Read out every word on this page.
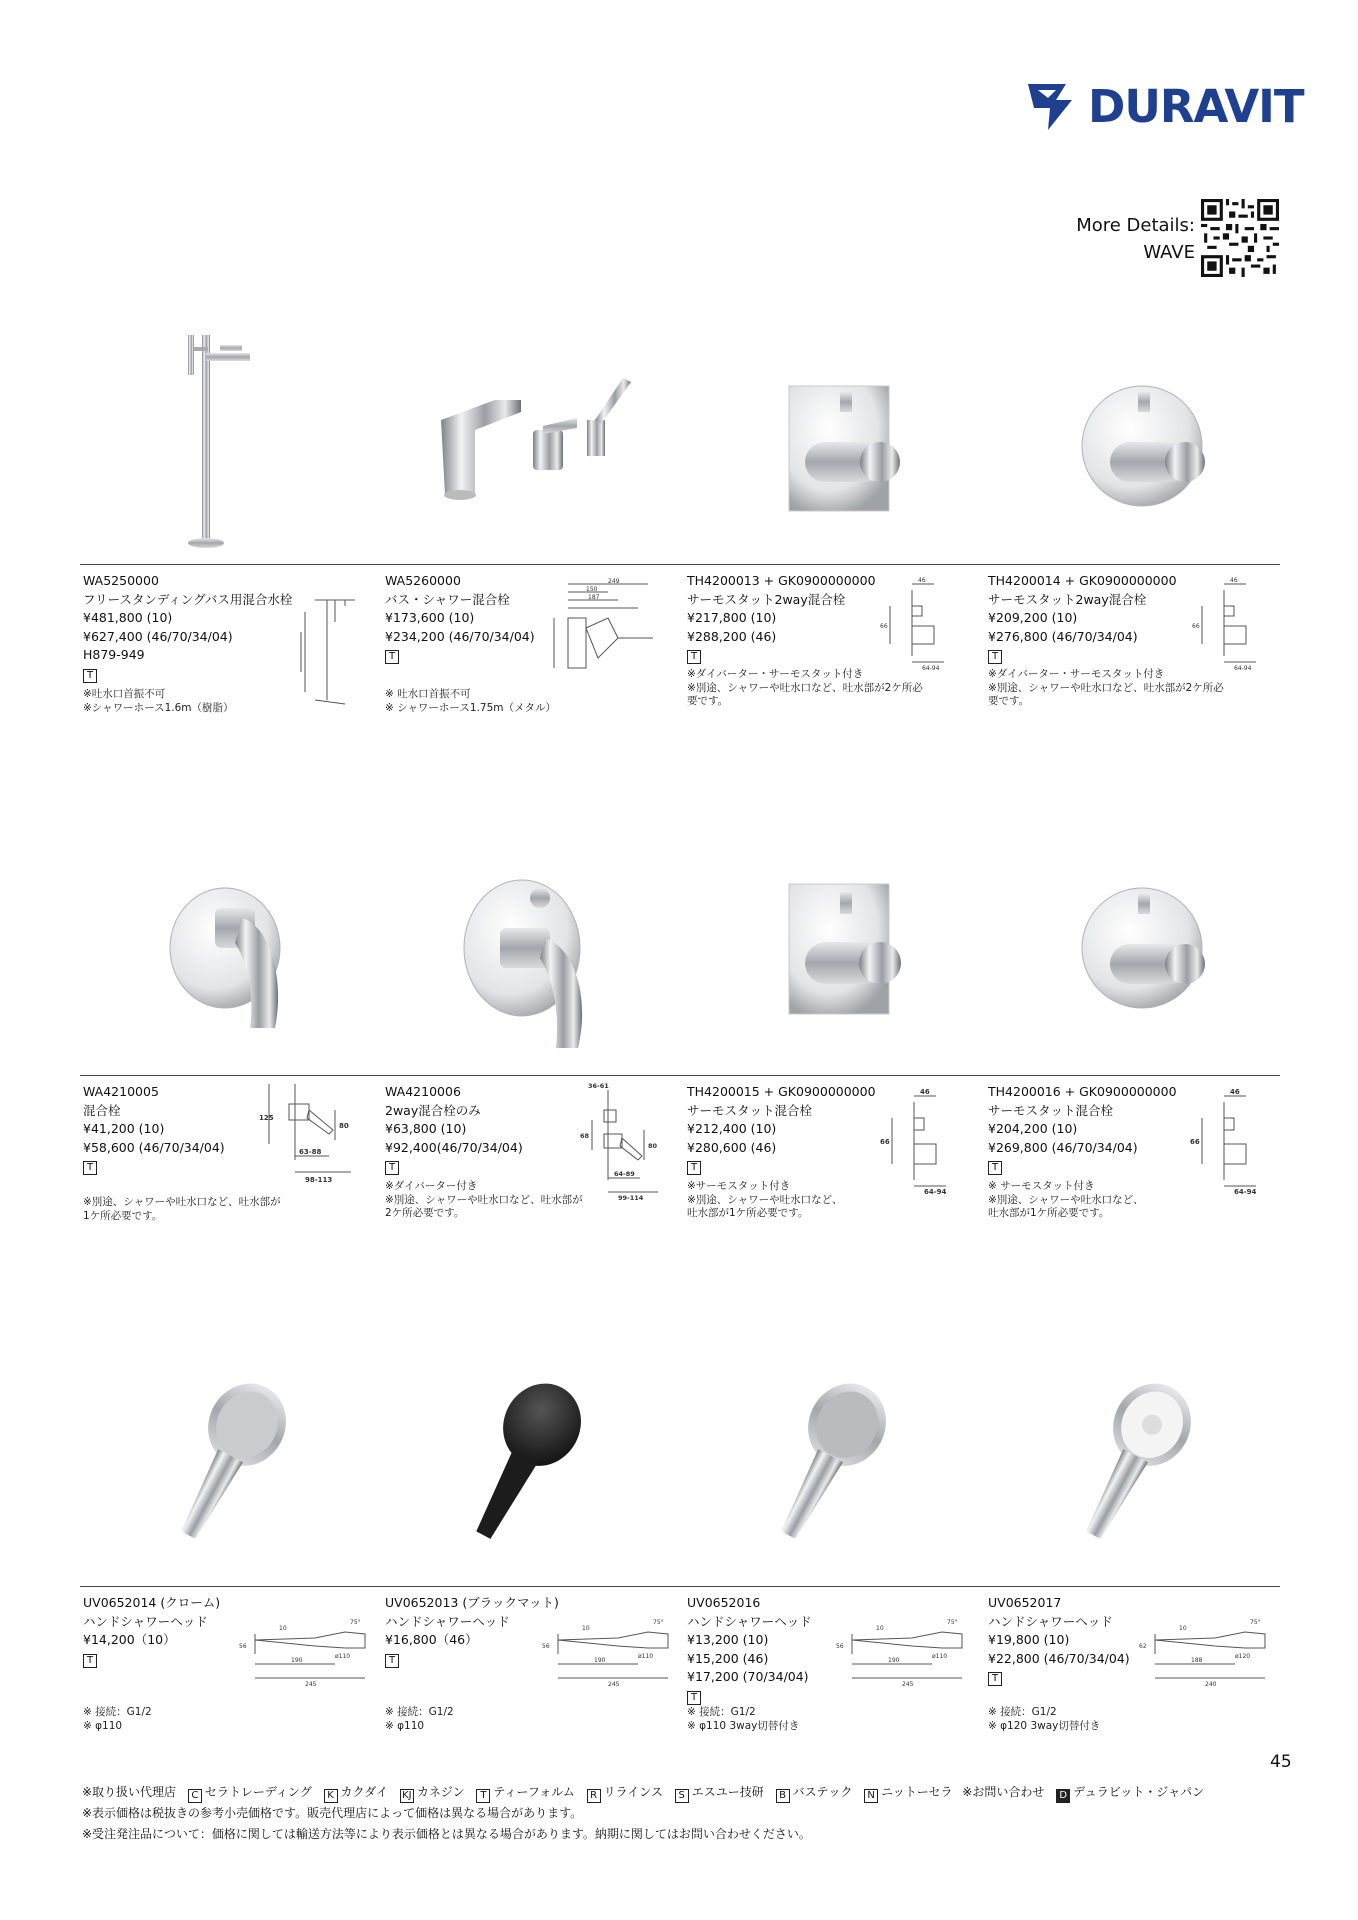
DURAVIT
More Details:
WAVE
WA5250000
フリースタンディングバス用混合水栓
¥481,800 (10)
¥627,400 (46/70/34/04)
H879-949
T
※吐水口首振不可
※シャワーホース1.6m（樹脂）
WA5260000
バス・シャワー混合栓
¥173,600 (10)
¥234,200 (46/70/34/04)
T
※ 吐水口首振不可
※ シャワーホース1.75m（メタル）
249
150
187
TH4200013 + GK0900000000
サーモスタット2way混合栓
¥217,800 (10)
¥288,200 (46)
T
※ダイバーター・サーモスタット付き
※別途、シャワーや吐水口など、吐水部が2ケ所必
要です。
46
66
64-94
TH4200014 + GK0900000000
サーモスタット2way混合栓
¥209,200 (10)
¥276,800 (46/70/34/04)
T
※ダイバーター・サーモスタット付き
※別途、シャワーや吐水口など、吐水部が2ケ所必
要です。
46
66
64-94
WA4210005
混合栓
¥41,200 (10)
¥58,600 (46/70/34/04)
T
※別途、シャワーや吐水口など、吐水部が
1ケ所必要です。
125
80
63-88
98-113
WA4210006
2way混合栓のみ
¥63,800 (10)
¥92,400(46/70/34/04)
T
※ダイバーター付き
※別途、シャワーや吐水口など、吐水部が
2ケ所必要です。
36-61
68
64-89
99-114
80
TH4200015 + GK0900000000
サーモスタット混合栓
¥212,400 (10)
¥280,600 (46)
T
※サーモスタット付き
※別途、シャワーや吐水口など、
吐水部が1ケ所必要です。
46
66
64-94
TH4200016 + GK0900000000
サーモスタット混合栓
¥204,200 (10)
¥269,800 (46/70/34/04)
T
※ サーモスタット付き
※別途、シャワーや吐水口など、
吐水部が1ケ所必要です。
46
66
64-94
UV0652014 (クローム)
ハンドシャワーヘッド
¥14,200（10）
T
※ 接続：G1/2
※ φ110
75°
10
56
190
245
ø110
UV0652013 (ブラックマット)
ハンドシャワーヘッド
¥16,800（46）
T
※ 接続：G1/2
※ φ110
75°
10
56
190
245
ø110
UV0652016
ハンドシャワーヘッド
¥13,200 (10)
¥15,200 (46)
¥17,200 (70/34/04)
T
※ 接続：G1/2
※ φ110 3way切替付き
75°
10
56
190
245
ø110
UV0652017
ハンドシャワーヘッド
¥19,800 (10)
¥22,800 (46/70/34/04)
T
※ 接続：G1/2
※ φ120 3way切替付き
75°
10
62
188
240
ø120
※取り扱い代理店 C セラトレーディング K カクダイ KJ カネジン T ティーフォルム R リラインス S エスユー技研 B バステック N ニットーセラ ※お問い合わせ D デュラビット・ジャパン
※表示価格は税抜きの参考小売価格です。販売代理店によって価格は異なる場合があります。
※受注発注品について：価格に関しては輸送方法等により表示価格とは異なる場合があります。納期に関してはお問い合わせください。
45
